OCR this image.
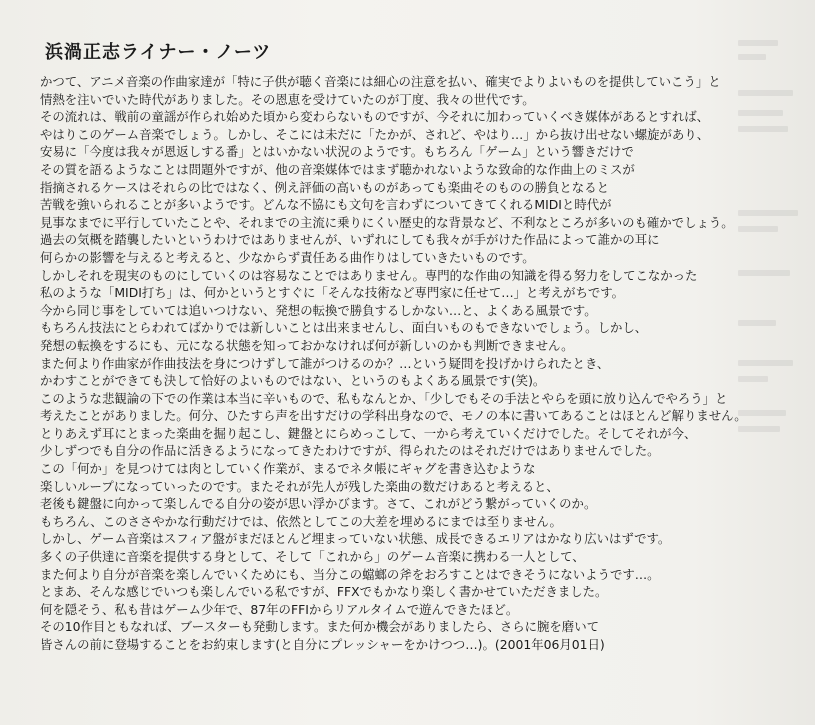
浜渦正志ライナー・ノーツ
かつて、アニメ音楽の作曲家達が「特に子供が聴く音楽には細心の注意を払い、確実でよりよいものを提供していこう」と
情熱を注いでいた時代がありました。その恩恵を受けていたのが丁度、我々の世代です。
その流れは、戦前の童謡が作られ始めた頃から変わらないものですが、今それに加わっていくべき媒体があるとすれば、
やはりこのゲーム音楽でしょう。しかし、そこには未だに「たかが、されど、やはり…」から抜け出せない螺旋があり、
安易に「今度は我々が恩返しする番」とはいかない状況のようです。もちろん「ゲーム」という響きだけで
その質を語るようなことは問題外ですが、他の音楽媒体ではまず聴かれないような致命的な作曲上のミスが
指摘されるケースはそれらの比ではなく、例え評価の高いものがあっても楽曲そのものの勝負となると
苦戦を強いられることが多いようです。どんな不協にも文句を言わずについてきてくれるMIDIと時代が
見事なまでに平行していたことや、それまでの主流に乗りにくい歴史的な背景など、不利なところが多いのも確かでしょう。
過去の気概を踏襲したいというわけではありませんが、いずれにしても我々が手がけた作品によって誰かの耳に
何らかの影響を与えると考えると、少なからず責任ある曲作りはしていきたいものです。
しかしそれを現実のものにしていくのは容易なことではありません。専門的な作曲の知識を得る努力をしてこなかった
私のような「MIDI打ち」は、何かというとすぐに「そんな技術など専門家に任せて…」と考えがちです。
今から同じ事をしていては追いつけない、発想の転換で勝負するしかない…と、よくある風景です。
もちろん技法にとらわれてばかりでは新しいことは出来ませんし、面白いものもできないでしょう。しかし、
発想の転換をするにも、元になる状態を知っておかなければ何が新しいのかも判断できません。
また何より作曲家が作曲技法を身につけずして誰がつけるのか？…という疑問を投げかけられたとき、
かわすことができても決して恰好のよいものではない、というのもよくある風景です(笑)。
このような悲観論の下での作業は本当に辛いもので、私もなんとか、「少しでもその手法とやらを頭に放り込んでやろう」と
考えたことがありました。何分、ひたすら声を出すだけの学科出身なので、モノの本に書いてあることはほとんど解りません。
とりあえず耳にとまった楽曲を掘り起こし、鍵盤とにらめっこして、一から考えていくだけでした。そしてそれが今、
少しずつでも自分の作品に活きるようになってきたわけですが、得られたのはそれだけではありませんでした。
この「何か」を見つけては肉としていく作業が、まるでネタ帳にギャグを書き込むような
楽しいループになっていったのです。またそれが先人が残した楽曲の数だけあると考えると、
老後も鍵盤に向かって楽しんでる自分の姿が思い浮かびます。さて、これがどう繋がっていくのか。
もちろん、このささやかな行動だけでは、依然としてこの大差を埋めるにまでは至りません。
しかし、ゲーム音楽はスフィア盤がまだほとんど埋まっていない状態、成長できるエリアはかなり広いはずです。
多くの子供達に音楽を提供する身として、そして「これから」のゲーム音楽に携わる一人として、
また何より自分が音楽を楽しんでいくためにも、当分この蟷螂の斧をおろすことはできそうにないようです…。
とまあ、そんな感じでいつも楽しんでいる私ですが、FFXでもかなり楽しく書かせていただきました。
何を隠そう、私も昔はゲーム少年で、87年のFFIからリアルタイムで遊んできたほど。
その10作目ともなれば、ブースターも発動します。また何か機会がありましたら、さらに腕を磨いて
皆さんの前に登場することをお約束します(と自分にプレッシャーをかけつつ…)。(2001年06月01日)
